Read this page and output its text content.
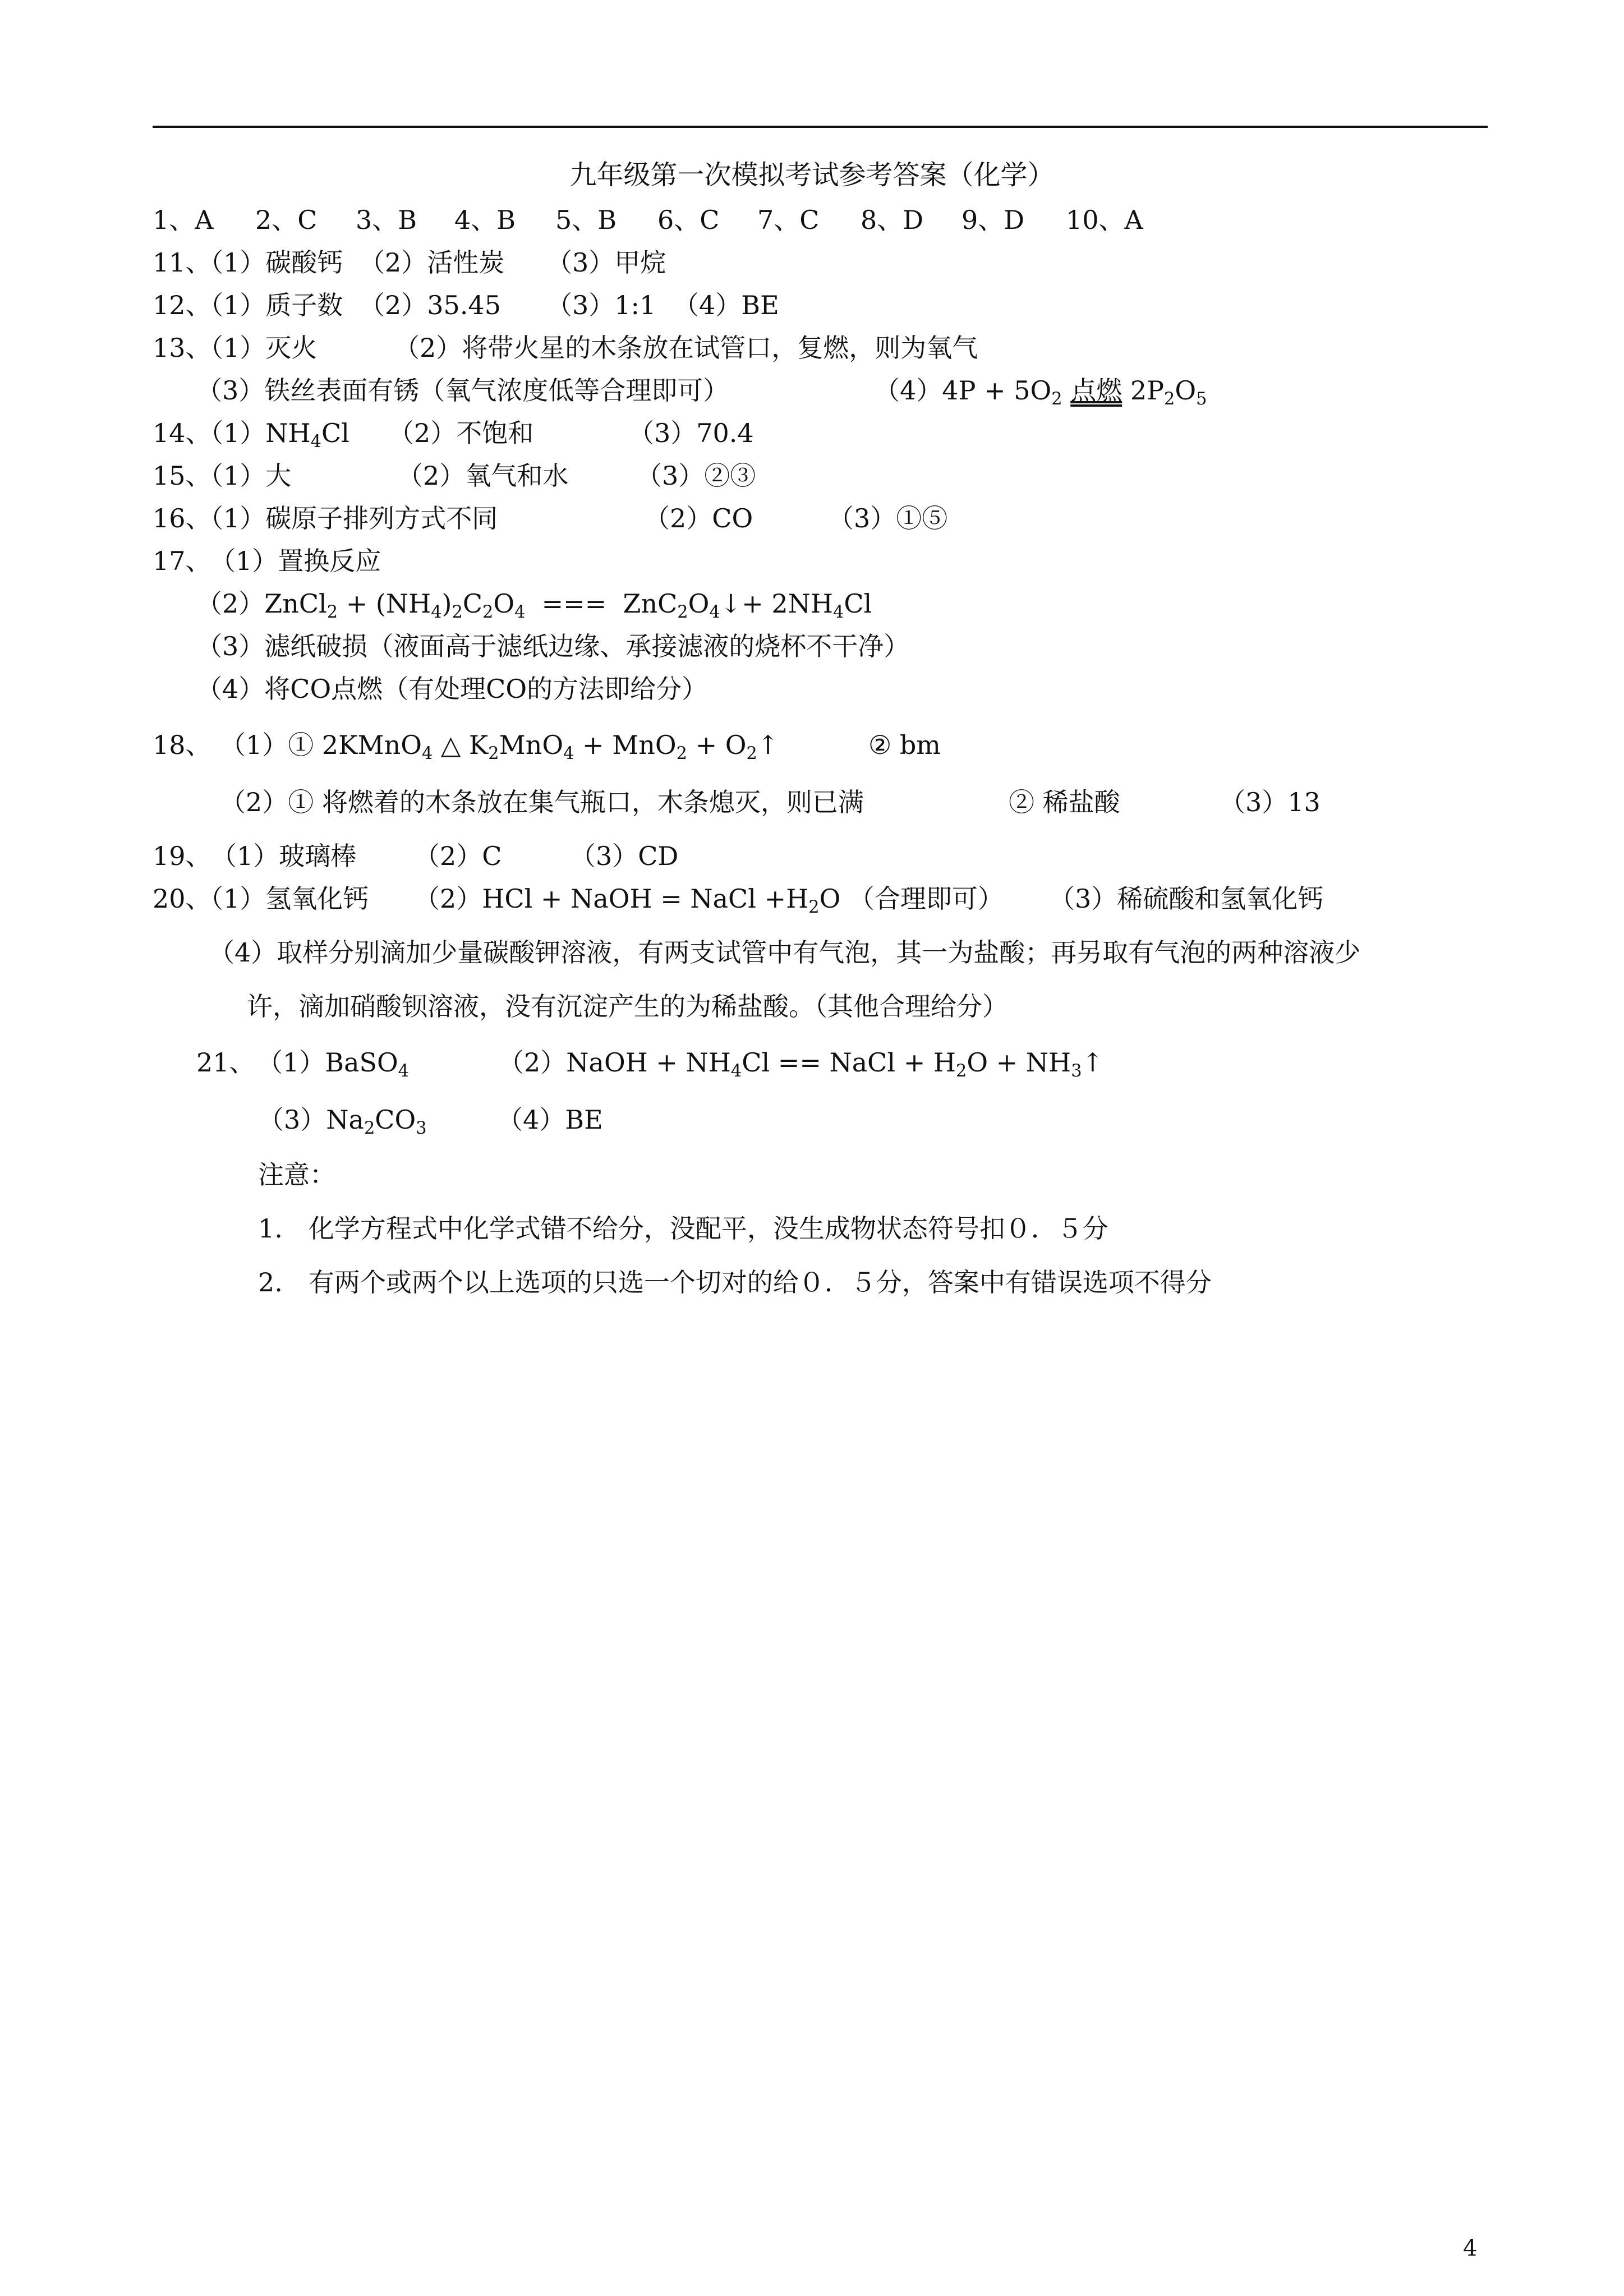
九年级第一次模拟考试参考答案（化学）
1、A 2、C 3、B 4、B 5、B 6、C 7、C 8、D 9、D 10、A
11、
（1）碳酸钙 （2）活性炭 （3）甲烷
12、
（1）质子数 （2）35.45 （3）1:1 （4）BE
13、
（1）灭火	（2）将带火星的木条放在试管口，复燃，则为氧气
（3）铁丝表面有锈（氧气浓度低等合理即可）	$(4)4P + 5O_2$ 点燃 $2P_2O_5$
14、
$(1)NH_4Cl$ （2）不饱和	（3）70.4
15、
（1）大	（2）氧气和水	（3）②③
16、
（1）碳原子排列方式不同	（2）CO	（3）①⑤
17、
（1）置换反应
（2）ZnCl$_2$ + $(NH_4)_2C_2O_4$  ===  $ZnC_2O_4↓+ 2NH_4Cl$
（3）滤纸破损（液面高于滤纸边缘、承接滤液的烧杯不干净）
（4）将CO点燃（有处理CO的方法即给分）
18、 （1）① 2KMnO$_4$ △ $K_2MnO_4 + MnO_2$ + $O_2↑$	② bm
（2）① 将燃着的木条放在集气瓶口，木条熄灭，则已满	② 稀盐酸	（3）13
19、 （1）玻璃棒 （2）C	（3）CD
20、
（1）氢氧化钙 （2）HCl + NaOH = NaCl $+H_2O$ （合理即可） （3）稀硫酸和氢氧化钙
（4）取样分别滴加少量碳酸钾溶液，有两支试管中有气泡，其一为盐酸；再另取有气泡的两种溶液少
许，滴加硝酸钡溶液，没有沉淀产生的为稀盐酸。（其他合理给分）
21、 （1）BaSO$_4$	（2）NaOH + $NH_4Cl$ == NaCl + $H_2O$ + $NH_3↑$
$(3)Na_2CO_3$	（4）BE
注意：
1.　化学方程式中化学式错不给分，没配平，没生成物状态符号扣０．５分
2.　有两个或两个以上选项的只选一个切对的给０．５分，答案中有错误选项不得分
4
